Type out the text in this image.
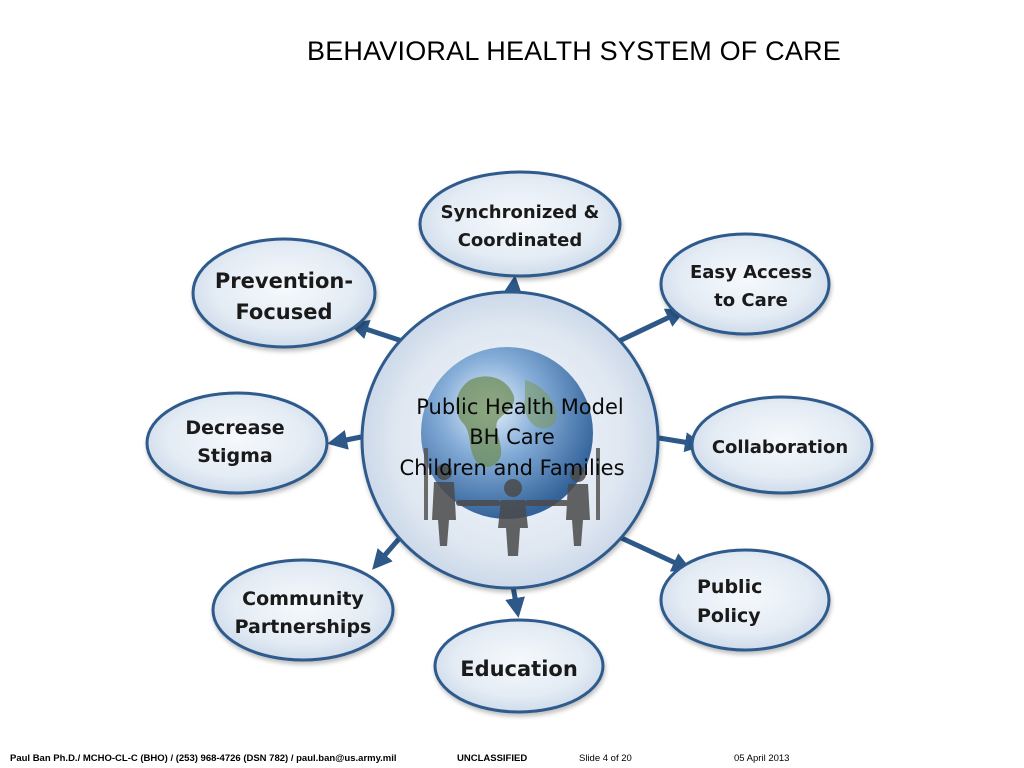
BEHAVIORAL HEALTH SYSTEM OF CARE
Public Health Model
BH Care
Children and Families
Synchronized &
Coordinated
Easy Access
to Care
Collaboration
Public
Policy
Education
Community
Partnerships
Decrease
Stigma
Prevention-
Focused
Paul Ban Ph.D./ MCHO-CL-C (BHO) / (253) 968-4726 (DSN 782) / paul.ban@us.army.mil	UNCLASSIFIED	Slide 4 of 20	05 April 2013
